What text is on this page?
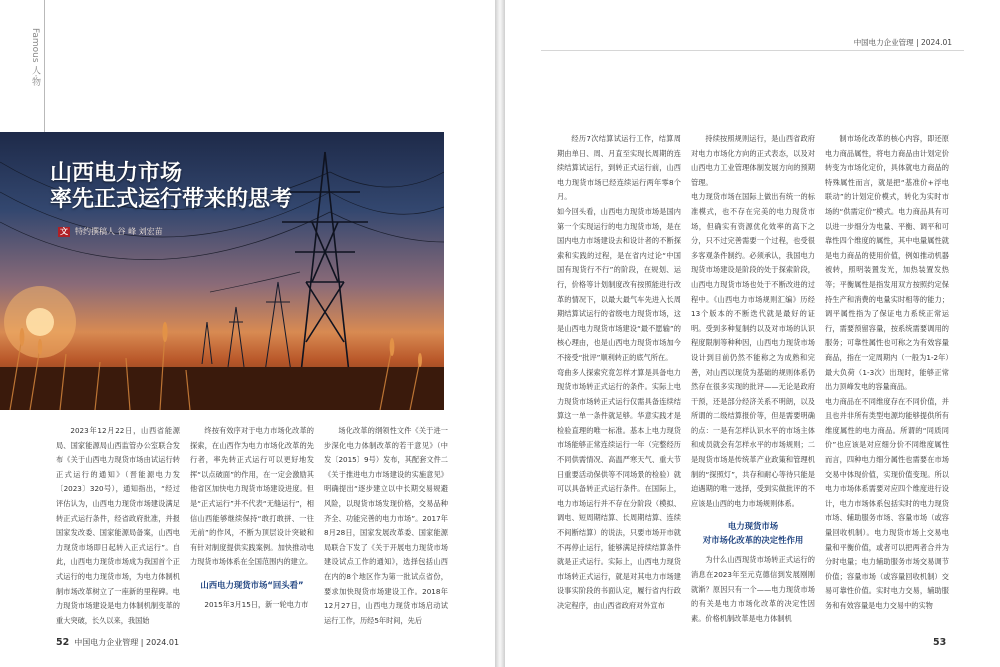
Famous 人·物
山西电力市场
率先正式运行带来的思考
文 特约撰稿人 谷 峰 刘宏苗

2023年12月22日，山西省能源局、国家能源局山西监管办公室联合发布《关于山西电力现货市场由试运行转正式运行的通知》（晋能源电力发〔2023〕320号），通知指出，“经过评估认为，山西电力现货市场建设满足转正式运行条件，经省政府批准，并报国家发改委、国家能源局备案，山西电力现货市场即日起转入正式运行”。自此，山西电力现货市场成为我国首个正式运行的电力现货市场，为电力体制机制市场改革树立了一座新的里程碑。电力现货市场建设是电力体制机制变革的重大突破，长久以来，我国始

终按有效序对于电力市场化改革的探索，在山西作为电力市场化改革的先行者，率先转正式运行可以更好地发挥“以点破面”的作用，在一定会激励其他省区加快电力现货市场建设进度。但是“正式运行”并不代表“无缝运行”，相信山西能够继续保持“敢打敢拼、一往无前”的作风，不断为顶层设计突破和有针对制度提供实践案例。加快推动电力现货市场体系在全国范围内的建立。

山西电力现货市场“回头看”

2015年3月15日，新一轮电力市

场化改革的纲领性文件《关于进一步深化电力体制改革的若干意见》（中发〔2015〕9号）发布，其配套文件二《关于推进电力市场建设的实施意见》明确提出“逐步建立以中长期交易规避风险，以现货市场发现价格，交易品种齐全、功能完善的电力市场”。2017年8月28日，国家发展改革委、国家能源局联合下发了《关于开展电力现货市场建设试点工作的通知》，选择包括山西在内的8个地区作为第一批试点省份，要求加快现货市场建设工作。2018年12月27日，山西电力现货市场启动试运行工作，历经5年时间，先后

52 中国电力企业管理 | 2024.01
中国电力企业管理 | 2024.01

经历7次结算试运行工作，结算周期由单日、周、月直至实现长周期的连续结算试运行，到转正式运行前，山西电力现货市场已经连续运行两年零8个月。
如今回头看，山西电力现货市场是国内第一个实现运行的电力现货市场，是在国内电力市场建设去和设计者的不断探索和实践的过程，是在省内过论“中国国有现货行不行”的阶段，在规划、运行，价格等计划制度改有按照能进行改革的情况下，以最大最气车先进入长周期结算试运行的省级电力现货市场，这是山西电力现货市场建设“最不愿输”的核心理由，也是山西电力现货市场加今不接受“批评”顺利转正的底气所在。
弯曲多人探索究竟怎样才算是具备电力现货市场转正式运行的条件。实际上电力现货市场转正式运行仅需具备连续结算这一单一条件就足够。华意实践才是检验直理的唯一标准。基本上电力现货市场能够正常连续运行一年（完整经历不同供需情况、高温严寒天气、重大节日重要活动保供等不同场景的检验）就可以具备转正式运行条件。在国际上，电力市场运行并不存在分阶段（模拟、调电、短周期结算、长周期结算、连续不间断结算）的说法，只要市场开市就不再停止运行，能够满足持续结算条件就是正式运行。实际上，山西电力现货市场转正式运行，就是对其电力市场建设事实阶段的书面认定，履行省内行政决定程序，由山西省政府对外宣布

持续按照规则运行，是山西省政府对电力市场化方向的正式表态，以及对山西电力工业管理体制发展方向的预期管理。
电力现货市场在国际上做出有统一的标准模式，也不存在完美的电力现货市场，但确实有资源优化效率的高下之分，只不过完善需要一个过程，也受很多客观条件制约。必须承认，我国电力现货市场建设是阶段的处于探索阶段，山西电力现货市场也处于不断改进的过程中。《山西电力市场规则汇编》历经13个版本的不断迭代就是最好的证明。受到多种复制约以及对市场的认识程度限制等种种因，山西电力现货市场设计到目前仍然不能称之为成熟和完善，对山西以现货为基础的规则体系仍然存在很多实现的批评——无论是政府干预，还是部分经济关系不明朗，以及所谓的二级结算报价等，但是需要明确的点：一是有怎样认识水平的市场主体和成员就会有怎样水平的市场规则；二是现货市场是传统革产业政策和管理机制的“探照灯”，共存和耐心等待只能是迫遇期的唯一选择，受到实做批评的不应该是山西的电力市场规则体系。

电力现货市场
对市场化改革的决定性作用

为什么山西现货市场转正式运行的消息在2023年至元克德信到发展刚刚就渐？原因只有一个——电力现货市场的有关是电力市场化改革的决定性因素。价格机制改革是电力体制机

制市场化改革的核心内容，即还原电力商品属性，将电力商品由计划定价转变为市场化定价，具体就电力商品的特殊属性而言，就是把“基准价+浮电联动”的计划定价模式，转化为实时市场的“供需定价”模式。电力商品具有可以进一步细分为电量、平衡、调平和可靠性四个维度的属性，其中电量属性就是电力商品的使用价值，例如推动机器被转，照明装置发光，加热装置发热等；平衡属性是指发用双方按照约定保持生产和消费的电量实时相等的能力；调平属性指为了保证电力系统正常运行，需要预留容量，按系统需要调用的服务；可靠性属性也可称之为有效容量商品，指在一定周期内（一般为1-2年）最大负荷（1-3次）出现时，能够正常出力顶峰发电的容量商品。
电力商品在不同维度存在不同价值，并且也并非所有类型电源均能够提供所有维度属性的电力商品。所谓的“同质同价”也应该是对应细分价不同维度属性而言，四种电力细分属性也需要在市场交易中体现价值，实现价值变现。所以电力市场体系需要对应四个维度进行设计，电力市场体系包括实时的电力现货市场、辅助服务市场、容量市场（或容量回收机制）。电力现货市场上交易电量和平衡价值，或者可以把两者合并为分时电量；电力辅助服务市场交易调节价值；容量市场（或容量回收机制）交易可靠性价值。实时电力交易，辅助服务和有效容量是电力交易中的实物

53
